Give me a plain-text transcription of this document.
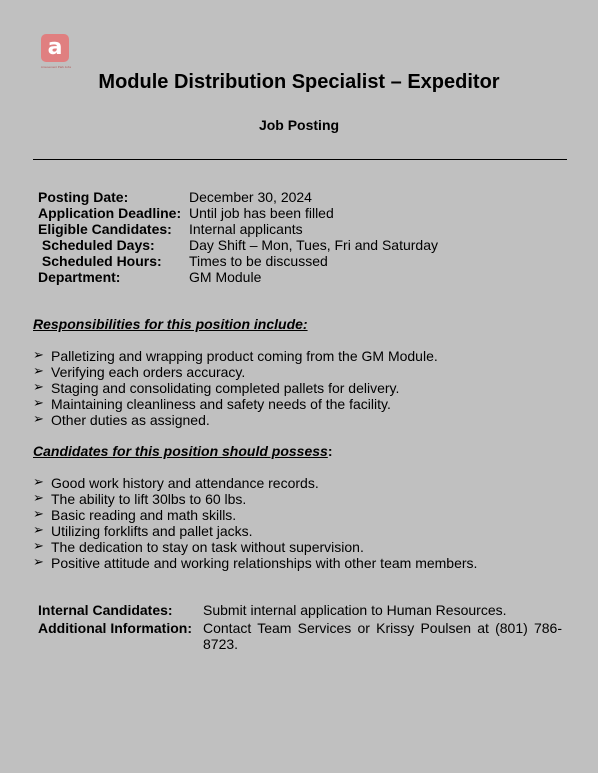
a
Amusement Park Jobs
Module Distribution Specialist – Expeditor
Job Posting
Posting Date:	December 30, 2024
Application Deadline: Until job has been filled
Eligible Candidates:	Internal applicants
Scheduled Days:	Day Shift – Mon, Tues, Fri and Saturday
Scheduled Hours:	Times to be discussed
Department:	GM Module
Responsibilities for this position include:
➢ Palletizing and wrapping product coming from the GM Module.
➢ Verifying each orders accuracy.
➢ Staging and consolidating completed pallets for delivery.
➢ Maintaining cleanliness and safety needs of the facility.
➢ Other duties as assigned.
Candidates for this position should possess:
➢ Good work history and attendance records.
➢ The ability to lift 30lbs to 60 lbs.
➢ Basic reading and math skills.
➢ Utilizing forklifts and pallet jacks.
➢ The dedication to stay on task without supervision.
➢ Positive attitude and working relationships with other team members.
Internal Candidates:	Submit internal application to Human Resources.
Additional Information: Contact Team Services or Krissy Poulsen at (801) 786-8723.
